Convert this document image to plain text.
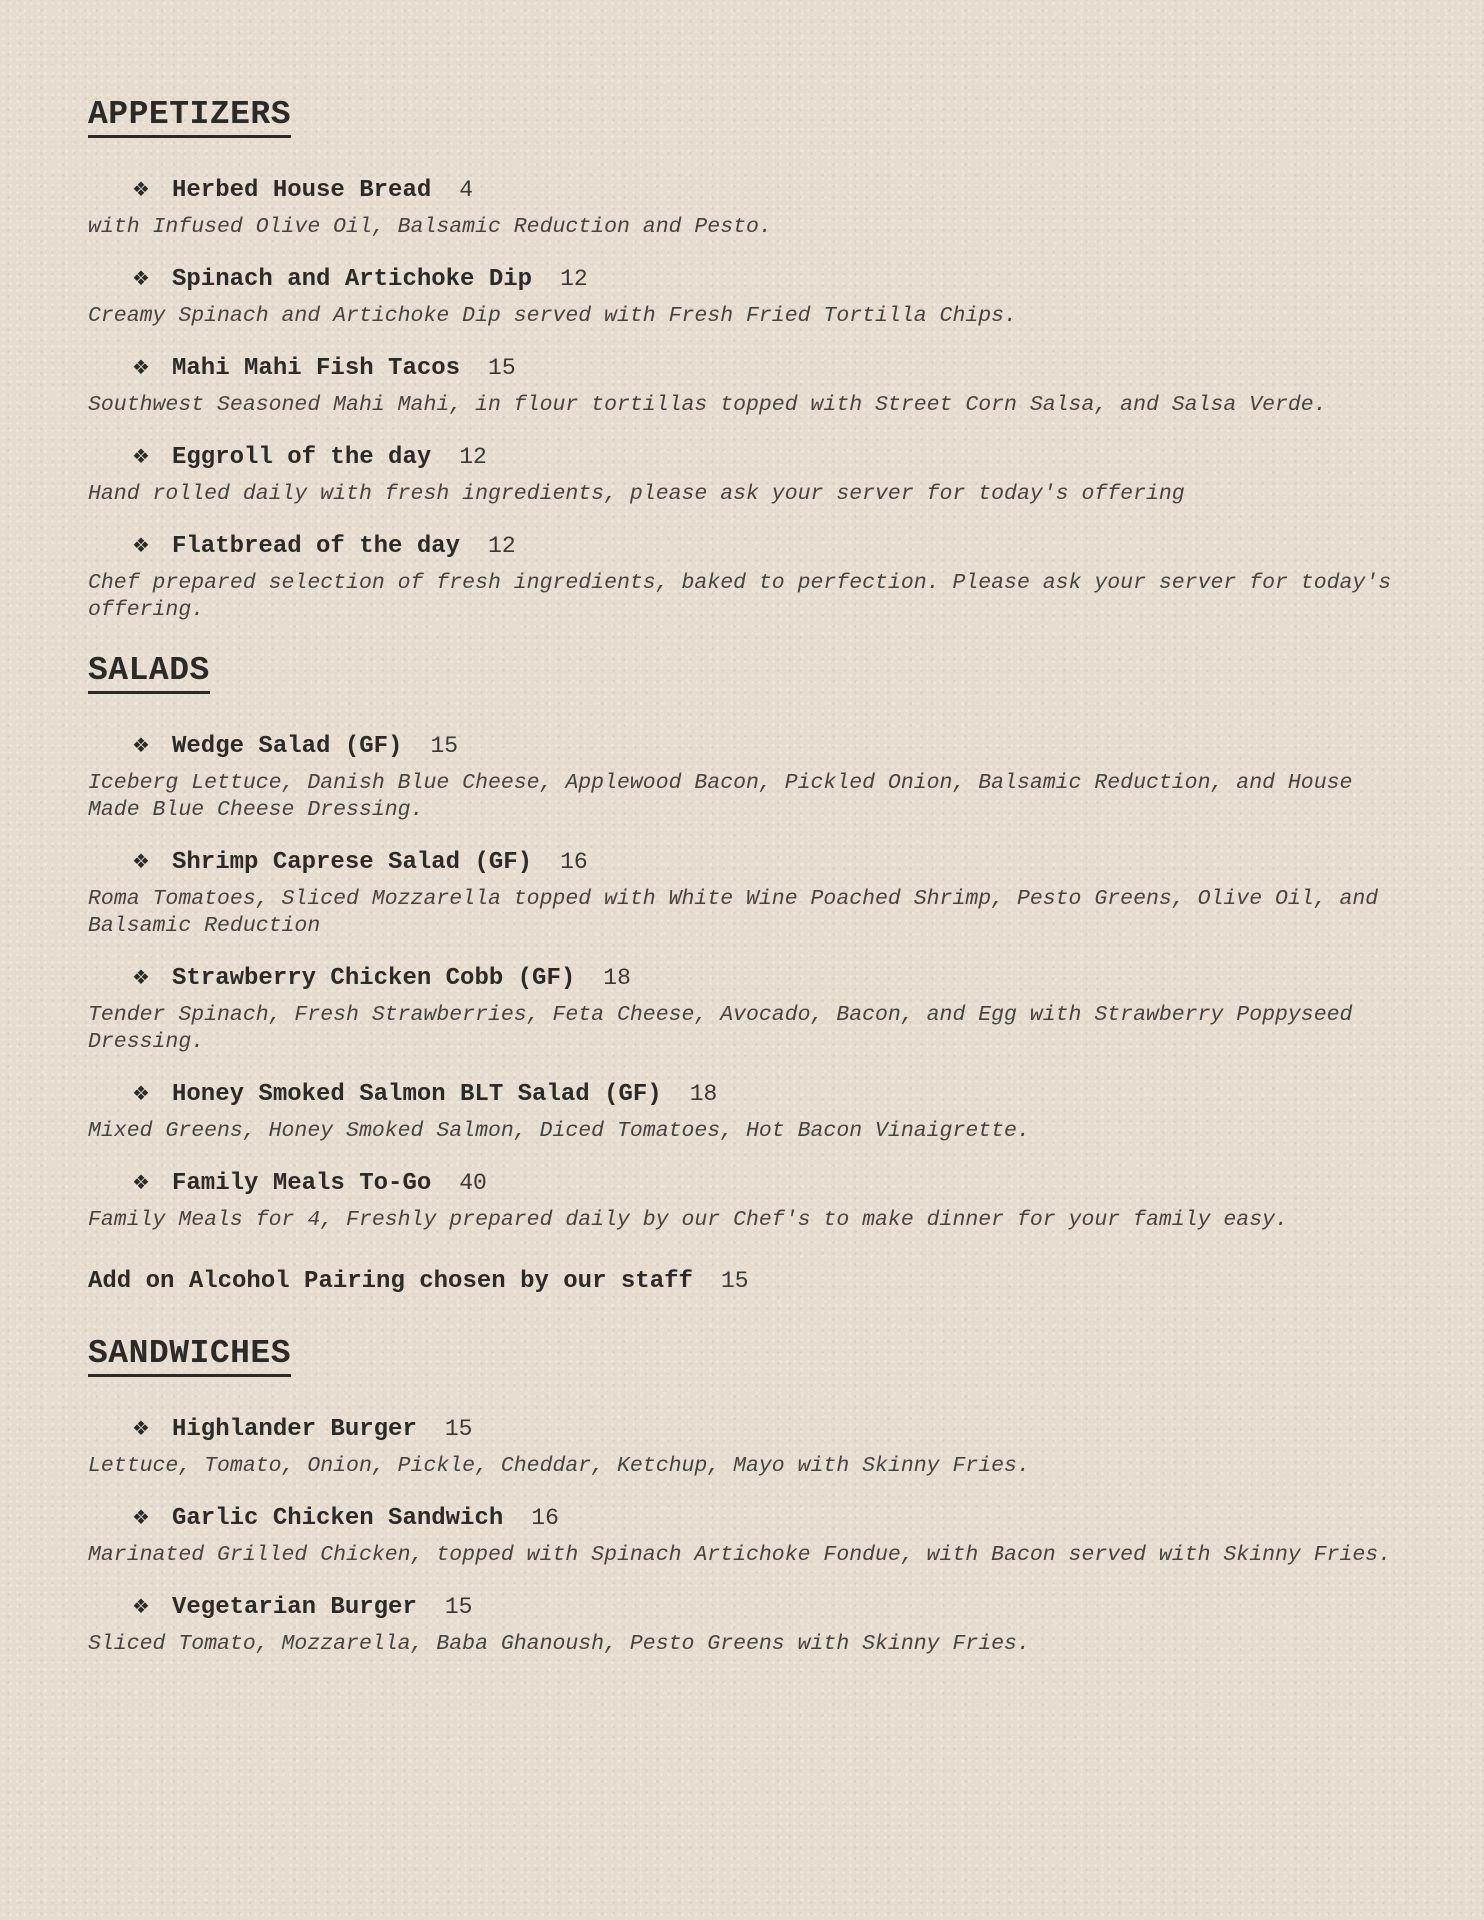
APPETIZERS
❖ Herbed House Bread 4
with Infused Olive Oil, Balsamic Reduction and Pesto.
❖ Spinach and Artichoke Dip 12
Creamy Spinach and Artichoke Dip served with Fresh Fried Tortilla Chips.
❖ Mahi Mahi Fish Tacos 15
Southwest Seasoned Mahi Mahi, in flour tortillas topped with Street Corn Salsa, and Salsa Verde.
❖ Eggroll of the day 12
Hand rolled daily with fresh ingredients, please ask your server for today's offering
❖ Flatbread of the day 12
Chef prepared selection of fresh ingredients, baked to perfection. Please ask your server for today's offering.
SALADS
❖ Wedge Salad (GF) 15
Iceberg Lettuce, Danish Blue Cheese, Applewood Bacon, Pickled Onion, Balsamic Reduction, and House Made Blue Cheese Dressing.
❖ Shrimp Caprese Salad (GF) 16
Roma Tomatoes, Sliced Mozzarella topped with White Wine Poached Shrimp, Pesto Greens, Olive Oil, and Balsamic Reduction
❖ Strawberry Chicken Cobb (GF) 18
Tender Spinach, Fresh Strawberries, Feta Cheese, Avocado, Bacon, and Egg with Strawberry Poppyseed Dressing.
❖ Honey Smoked Salmon BLT Salad (GF) 18
Mixed Greens, Honey Smoked Salmon, Diced Tomatoes, Hot Bacon Vinaigrette.
❖ Family Meals To-Go 40
Family Meals for 4, Freshly prepared daily by our Chef's to make dinner for your family easy.
Add on Alcohol Pairing chosen by our staff 15
SANDWICHES
❖ Highlander Burger 15
Lettuce, Tomato, Onion, Pickle, Cheddar, Ketchup, Mayo with Skinny Fries.
❖ Garlic Chicken Sandwich 16
Marinated Grilled Chicken, topped with Spinach Artichoke Fondue, with Bacon served with Skinny Fries.
❖ Vegetarian Burger 15
Sliced Tomato, Mozzarella, Baba Ghanoush, Pesto Greens with Skinny Fries.
